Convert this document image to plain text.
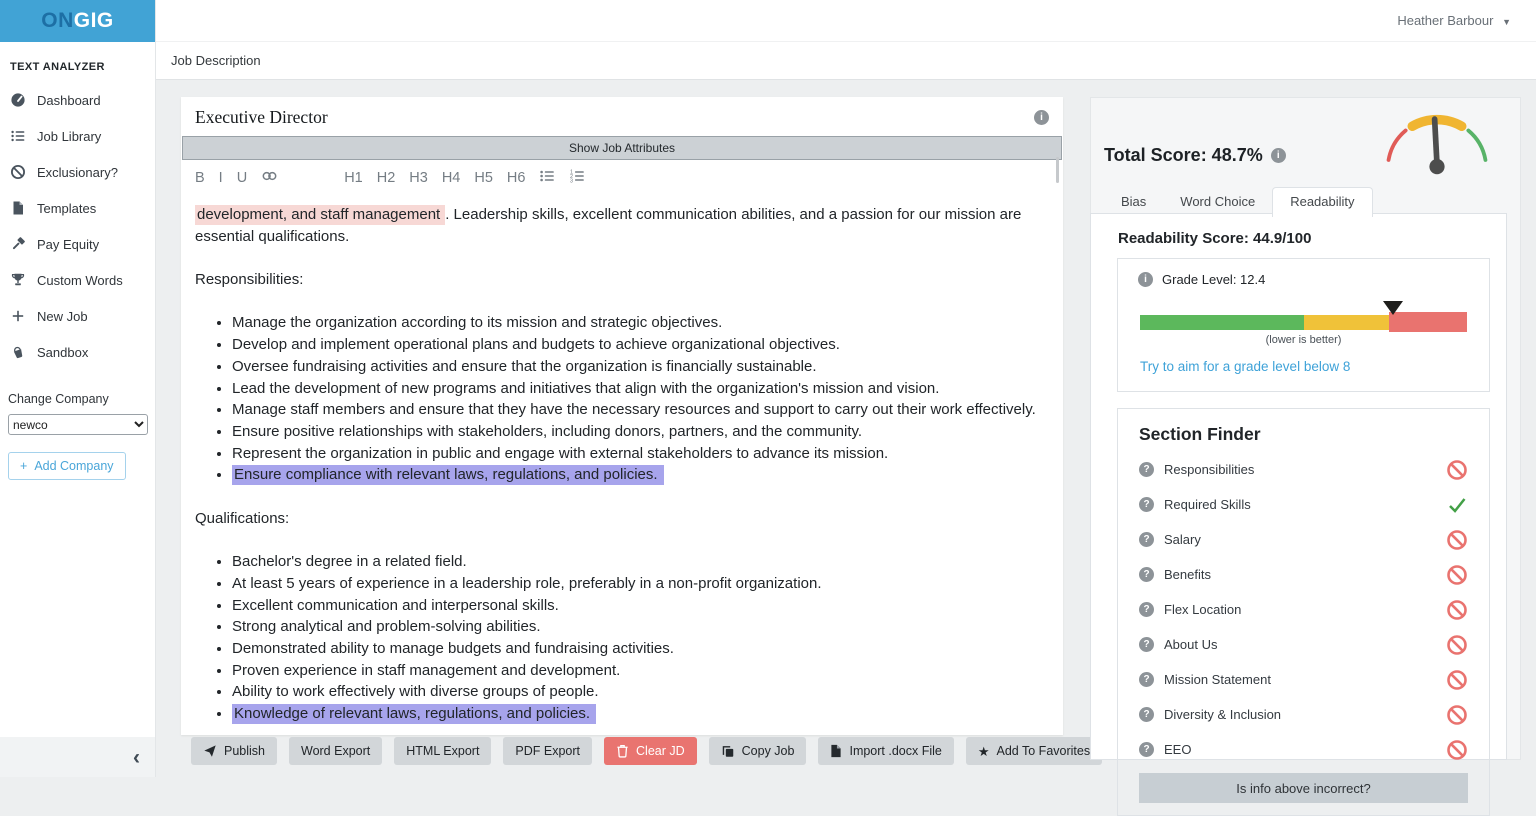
ON GIG
TEXT ANALYZER
Dashboard
Job Library
Exclusionary?
Templates
Pay Equity
Custom Words
New Job
Sandbox
Change Company
newco
+ Add Company
‹
Heather Barbour ▼
Job Description
Executive Director	i
Show Job Attributes
B I U	H1 H2 H3 H4 H5 H6	1
2
3

development, and staff management . Leadership skills, excellent communication abilities, and a passion for our mission are essential qualifications.

Responsibilities:

• Manage the organization according to its mission and strategic objectives.
• Develop and implement operational plans and budgets to achieve organizational objectives.
• Oversee fundraising activities and ensure that the organization is financially sustainable.
• Lead the development of new programs and initiatives that align with the organization's mission and vision.
• Manage staff members and ensure that they have the necessary resources and support to carry out their work effectively.
• Ensure positive relationships with stakeholders, including donors, partners, and the community.
• Represent the organization in public and engage with external stakeholders to advance its mission.
• Ensure compliance with relevant laws, regulations, and policies.

Qualifications:

• Bachelor's degree in a related field.
• At least 5 years of experience in a leadership role, preferably in a non-profit organization.
• Excellent communication and interpersonal skills.
• Strong analytical and problem-solving abilities.
• Demonstrated ability to manage budgets and fundraising activities.
• Proven experience in staff management and development.
• Ability to work effectively with diverse groups of people.
• Knowledge of relevant laws, regulations, and policies.
Publish	Word Export	HTML Export	PDF Export	Clear JD	Copy Job	Import .docx File	★ Add To Favorites
Total Score: 48.7%	i
Bias	Word Choice	Readability
Readability Score: 44.9/100
i	Grade Level: 12.4
(lower is better)
Try to aim for a grade level below 8
Section Finder
?	Responsibilities
?	Required Skills
?	Salary
?	Benefits
?	Flex Location
?	About Us
?	Mission Statement
?	Diversity & Inclusion
?	EEO
Is info above incorrect?
